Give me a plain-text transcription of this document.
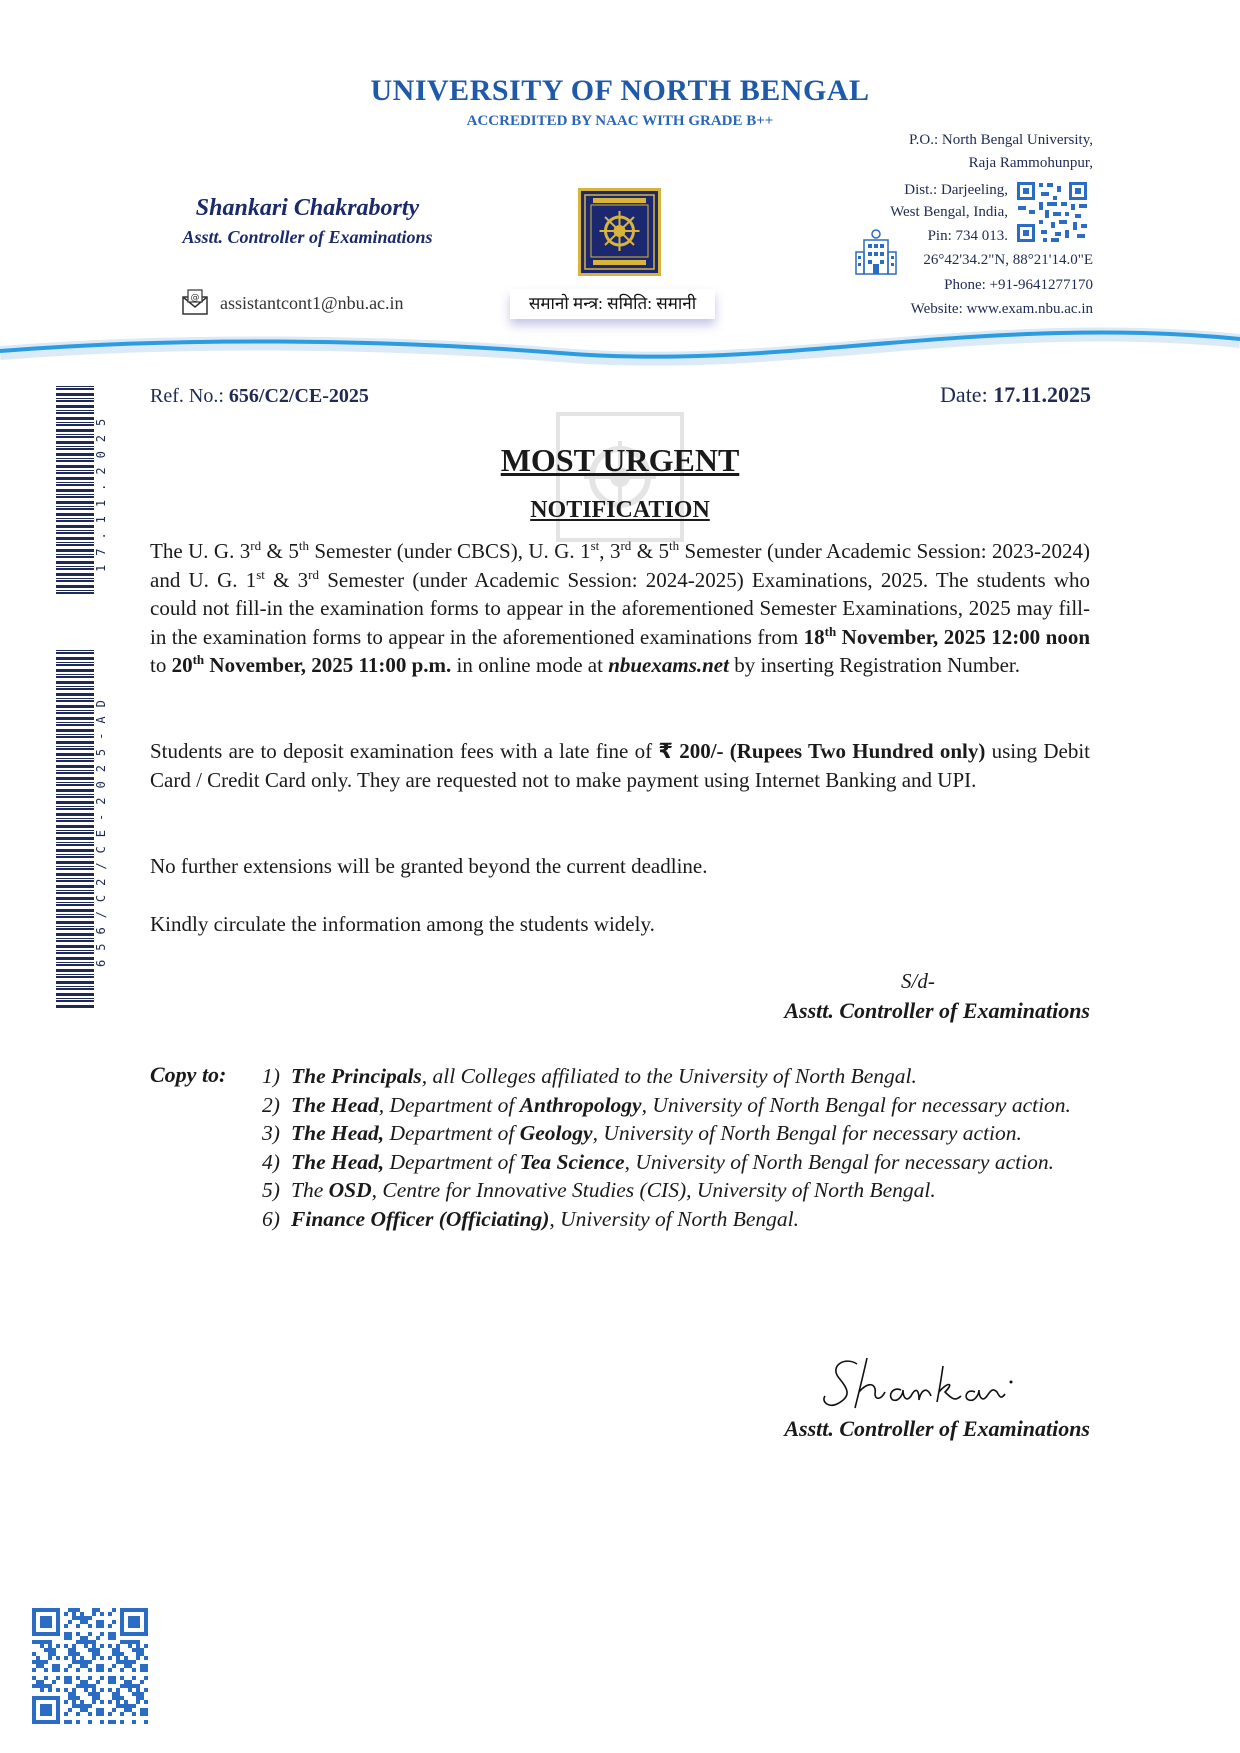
UNIVERSITY OF NORTH BENGAL
ACCREDITED BY NAAC WITH GRADE B++
Shankari Chakraborty
Asstt. Controller of Examinations
@ assistantcont1@nbu.ac.in	समानो मन्त्र: समिति: समानी
P.O.: North Bengal University,
Raja Rammohunpur,
Dist.: Darjeeling,
West Bengal, India,
Pin: 734 013.
26°42'34.2"N, 88°21'14.0"E
Phone: +91-9641277170
Website: www.exam.nbu.ac.in
Ref. No.: 656/C2/CE-2025	Date: 17.11.2025
MOST URGENT
NOTIFICATION

The U. G. 3rd & 5th Semester (under CBCS), U. G. 1st, 3rd & 5th Semester (under Academic Session: 2023-2024) and U. G. 1st & 3rd Semester (under Academic Session: 2024-2025) Examinations, 2025. The students who could not fill-in the examination forms to appear in the aforementioned Semester Examinations, 2025 may fill-in the examination forms to appear in the aforementioned examinations from 18th November, 2025 12:00 noon to 20th November, 2025 11:00 p.m. in online mode at nbuexams.net by inserting Registration Number.

Students are to deposit examination fees with a late fine of ₹ 200/- (Rupees Two Hundred only) using Debit Card / Credit Card only. They are requested not to make payment using Internet Banking and UPI.

No further extensions will be granted beyond the current deadline.

Kindly circulate the information among the students widely.

S/d-
Asstt. Controller of Examinations
Copy to: 1) The Principals, all Colleges affiliated to the University of North Bengal.
2) The Head, Department of Anthropology, University of North Bengal for necessary action.
3) The Head, Department of Geology, University of North Bengal for necessary action.
4) The Head, Department of Tea Science, University of North Bengal for necessary action.
5) The OSD, Centre for Innovative Studies (CIS), University of North Bengal.
6) Finance Officer (Officiating), University of North Bengal.
Asstt. Controller of Examinations
17.11.2025
656/C2/CE-2025-AD
